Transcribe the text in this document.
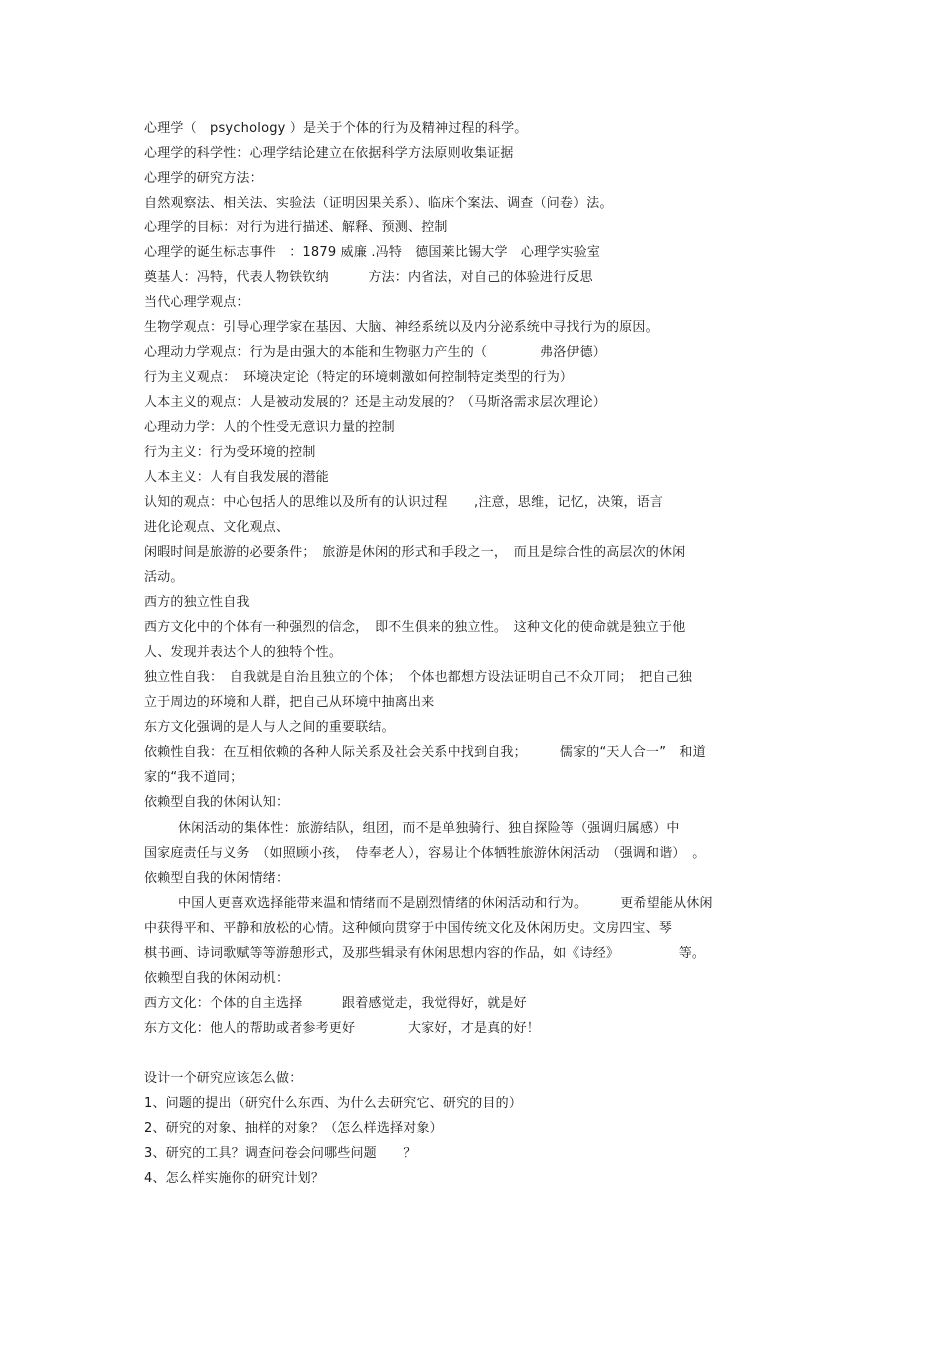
心理学（　psychology ）是关于个体的行为及精神过程的科学。
心理学的科学性：心理学结论建立在依据科学方法原则收集证据
心理学的研究方法：
自然观察法、相关法、实验法（证明因果关系）、临床个案法、调查（问卷）法。
心理学的目标：对行为进行描述、解释、预测、控制
心理学的诞生标志事件　：1879 威廉 .冯特　德国莱比锡大学　心理学实验室
奠基人：冯特，代表人物铁钦纳　　　方法：内省法，对自己的体验进行反思
当代心理学观点：
生物学观点：引导心理学家在基因、大脑、神经系统以及内分泌系统中寻找行为的原因。
心理动力学观点：行为是由强大的本能和生物驱力产生的（　　　　弗洛伊德）
行为主义观点：　环境决定论（特定的环境刺激如何控制特定类型的行为）
人本主义的观点：人是被动发展的？还是主动发展的？（马斯洛需求层次理论）
心理动力学：人的个性受无意识力量的控制
行为主义：行为受环境的控制
人本主义：人有自我发展的潜能
认知的观点：中心包括人的思维以及所有的认识过程　　,注意，思维，记忆，决策，语言
进化论观点、文化观点、
闲暇时间是旅游的必要条件；　旅游是休闲的形式和手段之一，　而且是综合性的高层次的休闲
活动。
西方的独立性自我
西方文化中的个体有一种强烈的信念，　即不生俱来的独立性。　这种文化的使命就是独立于他
人、发现并表达个人的独特个性。
独立性自我：　自我就是自治且独立的个体；　个体也都想方设法证明自己不众丌同；　把自己独
立于周边的环境和人群，把自己从环境中抽离出来
东方文化强调的是人与人之间的重要联结。
依赖性自我：在互相依赖的各种人际关系及社会关系中找到自我；　　　儒家的“天人合一”　和道
家的“我不道同；
依赖型自我的休闲认知：
休闲活动的集体性：旅游结队，组团，而不是单独骑行、独自探险等（强调归属感）中
国家庭责任与义务　（如照顾小孩，　侍奉老人），容易让个体牺牲旅游休闲活动　（强调和谐）　。
依赖型自我的休闲情绪：
中国人更喜欢选择能带来温和情绪而不是剧烈情绪的休闲活动和行为。　　　更希望能从休闲
中获得平和、平静和放松的心情。这种倾向贯穿于中国传统文化及休闲历史。文房四宝、琴
棋书画、诗词歌赋等等游憩形式，及那些辑录有休闲思想内容的作品，如《诗经》　　　　　等。
依赖型自我的休闲动机：
西方文化：个体的自主选择　　　跟着感觉走，我觉得好，就是好
东方文化：他人的帮助或者参考更好　　　　大家好，才是真的好！
设计一个研究应该怎么做：
1、问题的提出（研究什么东西、为什么去研究它、研究的目的）
2、研究的对象、抽样的对象？（怎么样选择对象）
3、研究的工具？调查问卷会问哪些问题　　？
4、怎么样实施你的研究计划？
